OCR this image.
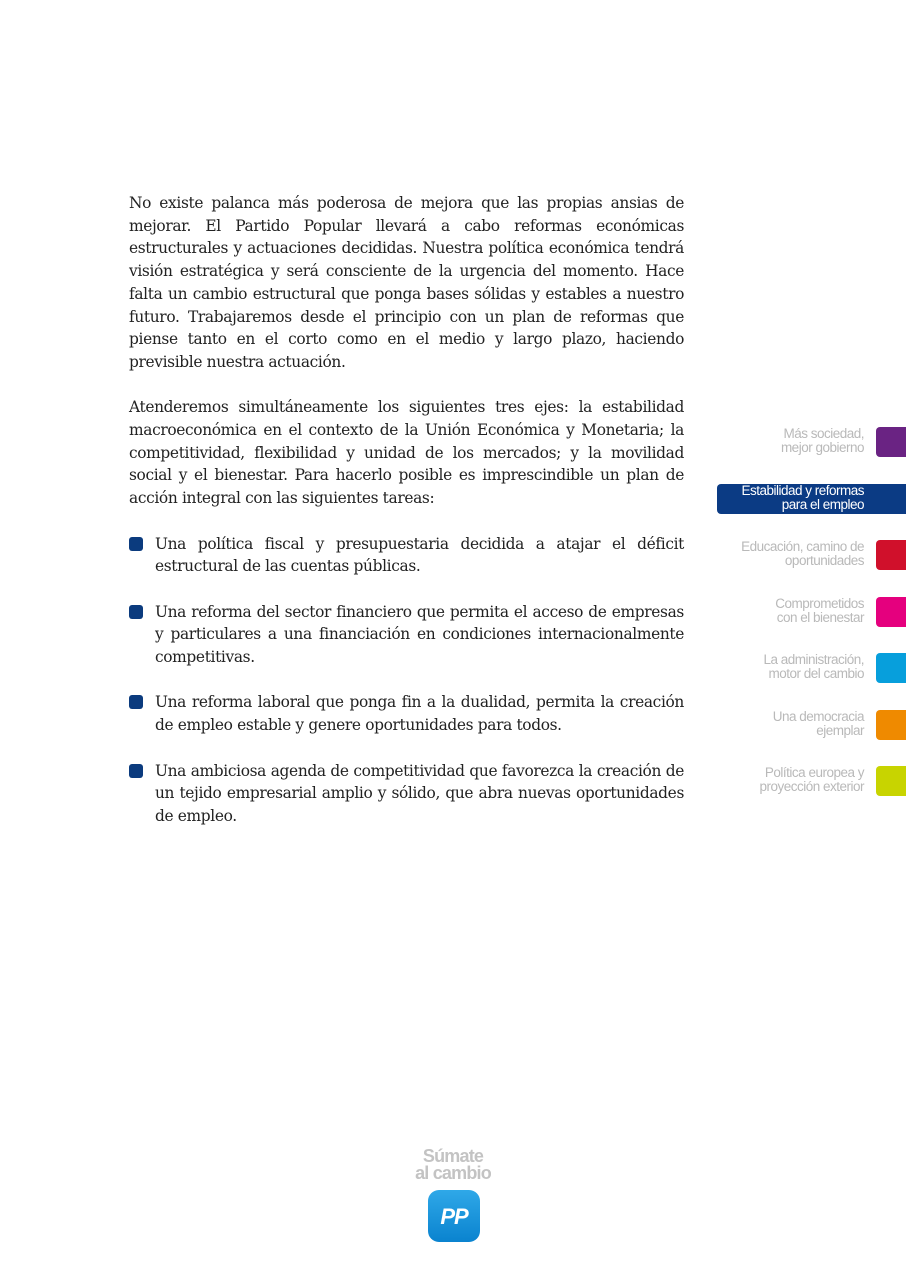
No existe palanca más poderosa de mejora que las propias ansias de mejorar. El Partido Popular llevará a cabo reformas económicas estructurales y actuaciones decididas. Nuestra política económica tendrá visión estratégica y será consciente de la urgencia del momento. Hace falta un cambio estructural que ponga bases sólidas y estables a nuestro futuro. Trabajaremos desde el principio con un plan de reformas que piense tanto en el corto como en el medio y largo plazo, haciendo previsible nuestra actuación.

Atenderemos simultáneamente los siguientes tres ejes: la estabilidad macroeconómica en el contexto de la Unión Económica y Monetaria; la competitividad, flexibilidad y unidad de los mercados; y la movilidad social y el bienestar. Para hacerlo posible es imprescindible un plan de acción integral con las siguientes tareas:

Una política fiscal y presupuestaria decidida a atajar el déficit estructural de las cuentas públicas.
Una reforma del sector financiero que permita el acceso de empresas y particulares a una financiación en condiciones internacionalmente competitivas.
Una reforma laboral que ponga fin a la dualidad, permita la creación de empleo estable y genere oportunidades para todos.
Una ambiciosa agenda de competitividad que favorezca la creación de un tejido empresarial amplio y sólido, que abra nuevas oportunidades de empleo.
Más sociedad,
mejor gobierno
Estabilidad y reformas
para el empleo
Educación, camino de
oportunidades
Comprometidos
con el bienestar
La administración,
motor del cambio
Una democracia
ejemplar
Política europea y
proyección exterior
Súmate
al cambio
PP
